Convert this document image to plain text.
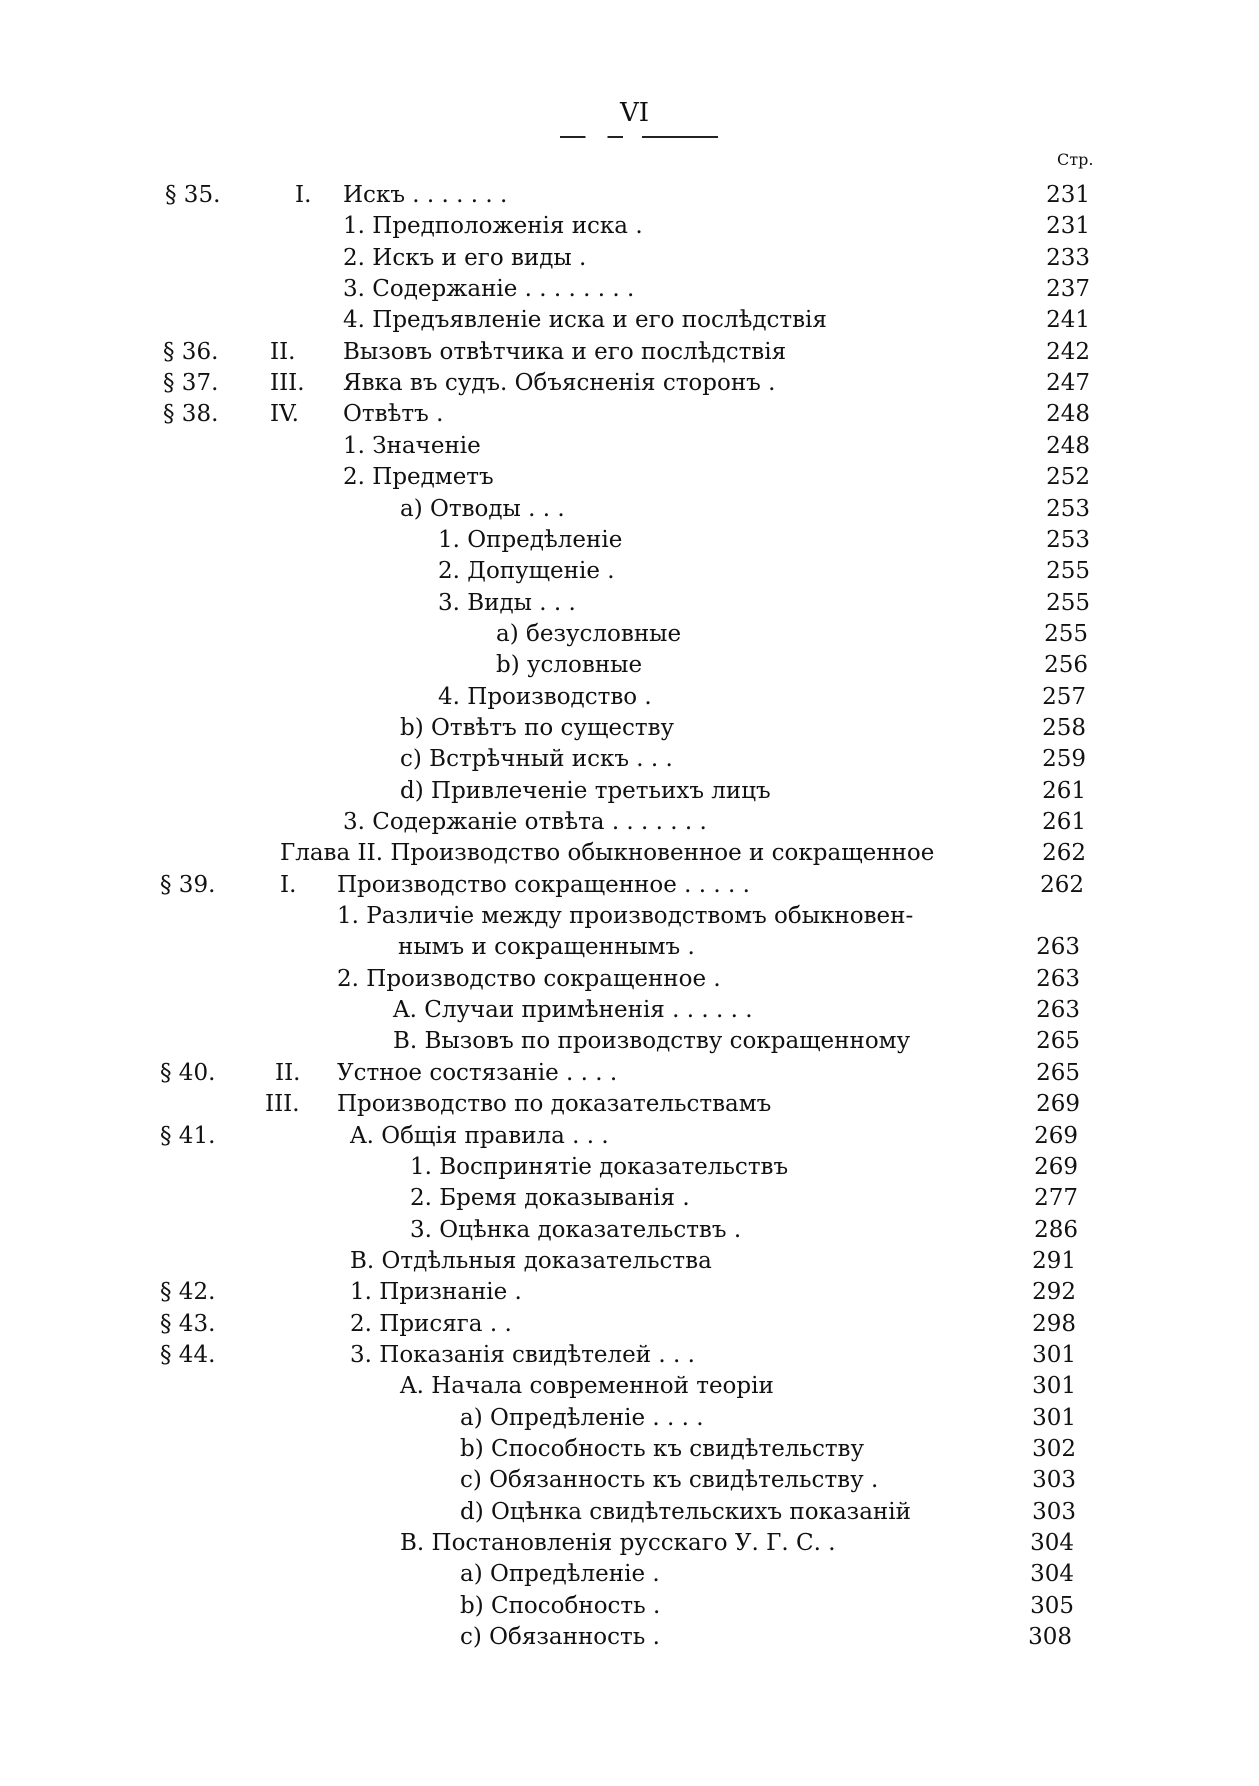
VI
Стр.
§ 35.	I. Искъ . . . . . . .	231
1. Предположенія иска .	231
2. Искъ и его виды .	233
3. Содержаніе . . . . . . . .	237
4. Предъявленіе иска и его послѣдствія	241
§ 36. II. Вызовъ отвѣтчика и его послѣдствія	242
§ 37. III. Явка въ судъ. Объясненія сторонъ .	247
§ 38. IV. Отвѣтъ .	248
1. Значеніе	248
2. Предметъ	252
a) Отводы . . .	253
1. Опредѣленіе	253
2. Допущеніе .	255
3. Виды . . .	255
a) безусловные	255
b) условные	256
4. Производство .	257
b) Отвѣтъ по существу	258
c) Встрѣчный искъ . . .	259
d) Привлеченіе третьихъ лицъ	261
3. Содержаніе отвѣта . . . . . . .	261
Глава II. Производство обыкновенное и сокращенное	262
§ 39.	I. Производство сокращенное . . . . .	262
1. Различіе между производствомъ обыкновен-
нымъ и сокращеннымъ .	263
2. Производство сокращенное .	263
A. Случаи примѣненія . . . . . .	263
B. Вызовъ по производству сокращенному	265
§ 40.	II. Устное состязаніе . . . .	265
III. Производство по доказательствамъ	269
§ 41.	A. Общія правила . . .	269
1. Воспринятіе доказательствъ	269
2. Бремя доказыванія .	277
3. Оцѣнка доказательствъ .	286
B. Отдѣльныя доказательства	291
§ 42.	1. Признаніе .	292
§ 43.	2. Присяга . .	298
§ 44.	3. Показанія свидѣтелей . . .	301
A. Начала современной теоріи	301
a) Опредѣленіе . . . .	301
b) Способность къ свидѣтельству	302
c) Обязанность къ свидѣтельству .	303
d) Оцѣнка свидѣтельскихъ показаній	303
B. Постановленія русскаго У. Г. С. .	304
a) Опредѣленіе .	304
b) Способность .	305
c) Обязанность .	308
